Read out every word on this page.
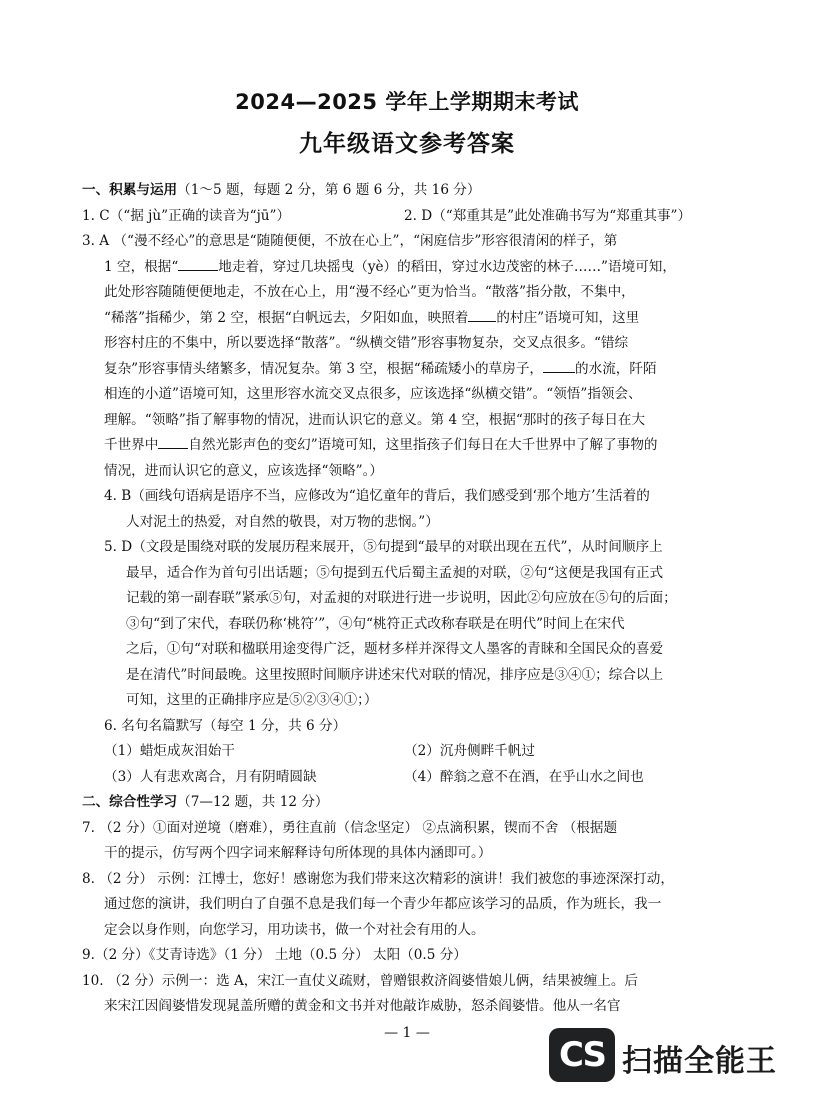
2024—2025 学年上学期期末考试
九年级语文参考答案
一、积累与运用（1～5 题，每题 2 分，第 6 题 6 分，共 16 分）
1. C（“据 jù”正确的读音为“jū”）	2. D（“郑重其是”此处准确书写为“郑重其事”）
3. A （“漫不经心”的意思是“随随便便，不放在心上”，“闲庭信步”形容很清闲的样子，第
1 空，根据“	地走着，穿过几块摇曳（yè）的稻田，穿过水边茂密的林子……”语境可知，
此处形容随随便便地走，不放在心上，用“漫不经心”更为恰当。“散落”指分散，不集中，
“稀落”指稀少，第 2 空，根据“白帆远去，夕阳如血，映照着 的村庄”语境可知，这里
形容村庄的不集中，所以要选择“散落”。“纵横交错”形容事物复杂，交叉点很多。“错综
复杂”形容事情头绪繁多，情况复杂。第 3 空，根据“稀疏矮小的草房子， 的水流，阡陌
相连的小道”语境可知，这里形容水流交叉点很多，应该选择“纵横交错”。“领悟”指领会、
理解。“领略”指了解事物的情况，进而认识它的意义。第 4 空，根据“那时的孩子每日在大
千世界中 自然光影声色的变幻”语境可知，这里指孩子们每日在大千世界中了解了事物的
情况，进而认识它的意义，应该选择“领略”。）
4. B（画线句语病是语序不当，应修改为“追忆童年的背后，我们感受到‘那个地方’生活着的
人对泥土的热爱，对自然的敬畏，对万物的悲悯。”）
5. D（文段是围绕对联的发展历程来展开，⑤句提到“最早的对联出现在五代”，从时间顺序上
最早，适合作为首句引出话题；⑤句提到五代后蜀主孟昶的对联，②句“这便是我国有正式
记载的第一副春联”紧承⑤句，对孟昶的对联进行进一步说明，因此②句应放在⑤句的后面；
③句“到了宋代，春联仍称‘桃符’”，④句“桃符正式改称春联是在明代”时间上在宋代
之后，①句“对联和楹联用途变得广泛，题材多样并深得文人墨客的青睐和全国民众的喜爱
是在清代”时间最晚。这里按照时间顺序讲述宋代对联的情况，排序应是③④①；综合以上
可知，这里的正确排序应是⑤②③④①；）
6. 名句名篇默写（每空 1 分，共 6 分）
（1）蜡炬成灰泪始干	（2）沉舟侧畔千帆过
（3）人有悲欢离合，月有阴晴圆缺	（4）醉翁之意不在酒，在乎山水之间也
二、综合性学习（7—12 题，共 12 分）
7. （2 分）①面对逆境（磨难），勇往直前（信念坚定） ②点滴积累，锲而不舍 （根据题
干的提示，仿写两个四字词来解释诗句所体现的具体内涵即可。）
8. （2 分） 示例：江博士，您好！感谢您为我们带来这次精彩的演讲！我们被您的事迹深深打动，
通过您的演讲，我们明白了自强不息是我们每一个青少年都应该学习的品质，作为班长，我一
定会以身作则，向您学习，用功读书，做一个对社会有用的人。
9.（2 分）《艾青诗选》（1 分） 土地（0.5 分） 太阳（0.5 分）
10. （2 分）示例一：选 A，宋江一直仗义疏财，曾赠银救济阎婆惜娘儿俩，结果被缠上。后
来宋江因阎婆惜发现晁盖所赠的黄金和文书并对他敲诈威胁，怒杀阎婆惜。他从一名官
— 1 —
CS 扫描全能王
